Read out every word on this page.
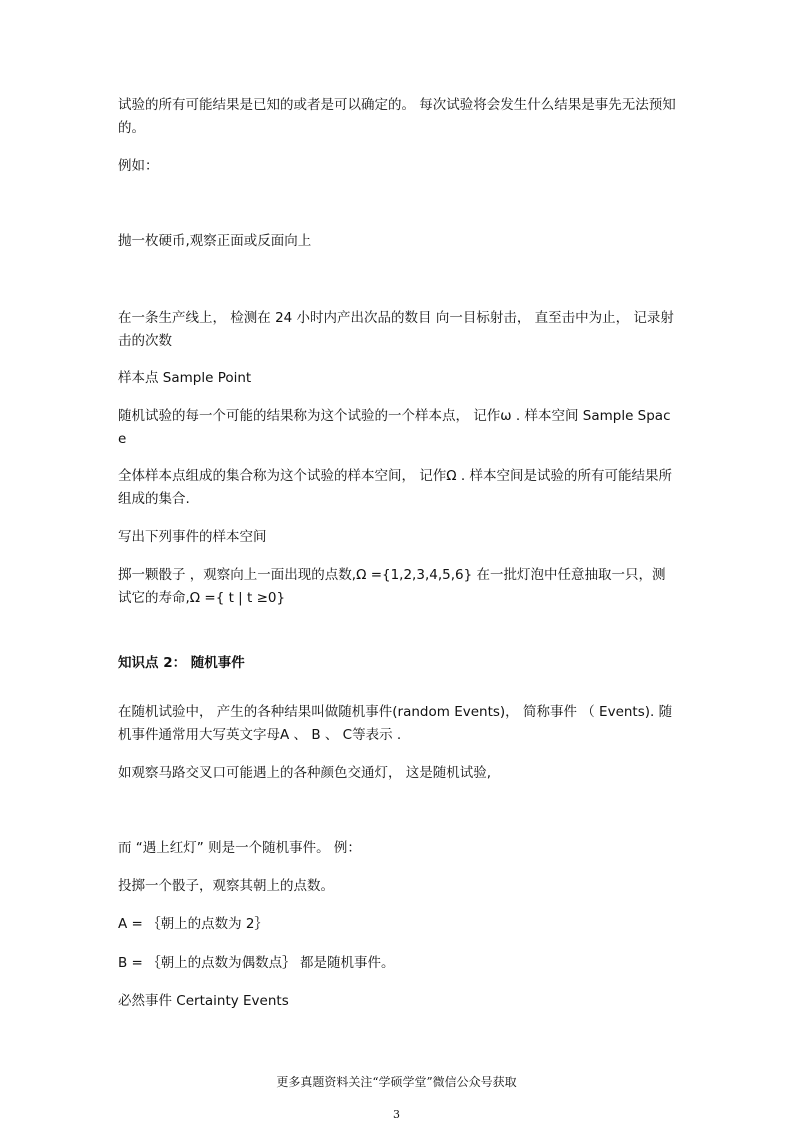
试验的所有可能结果是已知的或者是可以确定的。 每次试验将会发生什么结果是事先无法预知的。

例如：

抛一枚硬币,观察正面或反面向上

在一条生产线上， 检测在 24 小时内产出次品的数目 向一目标射击， 直至击中为止， 记录射击的次数

样本点 Sample Point

随机试验的每一个可能的结果称为这个试验的一个样本点， 记作ω . 样本空间 Sample Space

全体样本点组成的集合称为这个试验的样本空间， 记作Ω . 样本空间是试验的所有可能结果所组成的集合.

写出下列事件的样本空间

掷一颗骰子 ，观察向上一面出现的点数,Ω ={1,2,3,4,5,6} 在一批灯泡中任意抽取一只，测试它的寿命,Ω ={ t | t ≥0}

知识点 2： 随机事件

在随机试验中， 产生的各种结果叫做随机事件(random Events)， 简称事件 （ Events). 随机事件通常用大写英文字母A 、 B 、 C等表示 .

如观察马路交叉口可能遇上的各种颜色交通灯， 这是随机试验,

而 “遇上红灯” 则是一个随机事件。 例：

投掷一个骰子，观察其朝上的点数。

A = ｛朝上的点数为 2｝

B = ｛朝上的点数为偶数点｝ 都是随机事件。

必然事件 Certainty Events

更多真题资料关注“学硕学堂”微信公众号获取
3
